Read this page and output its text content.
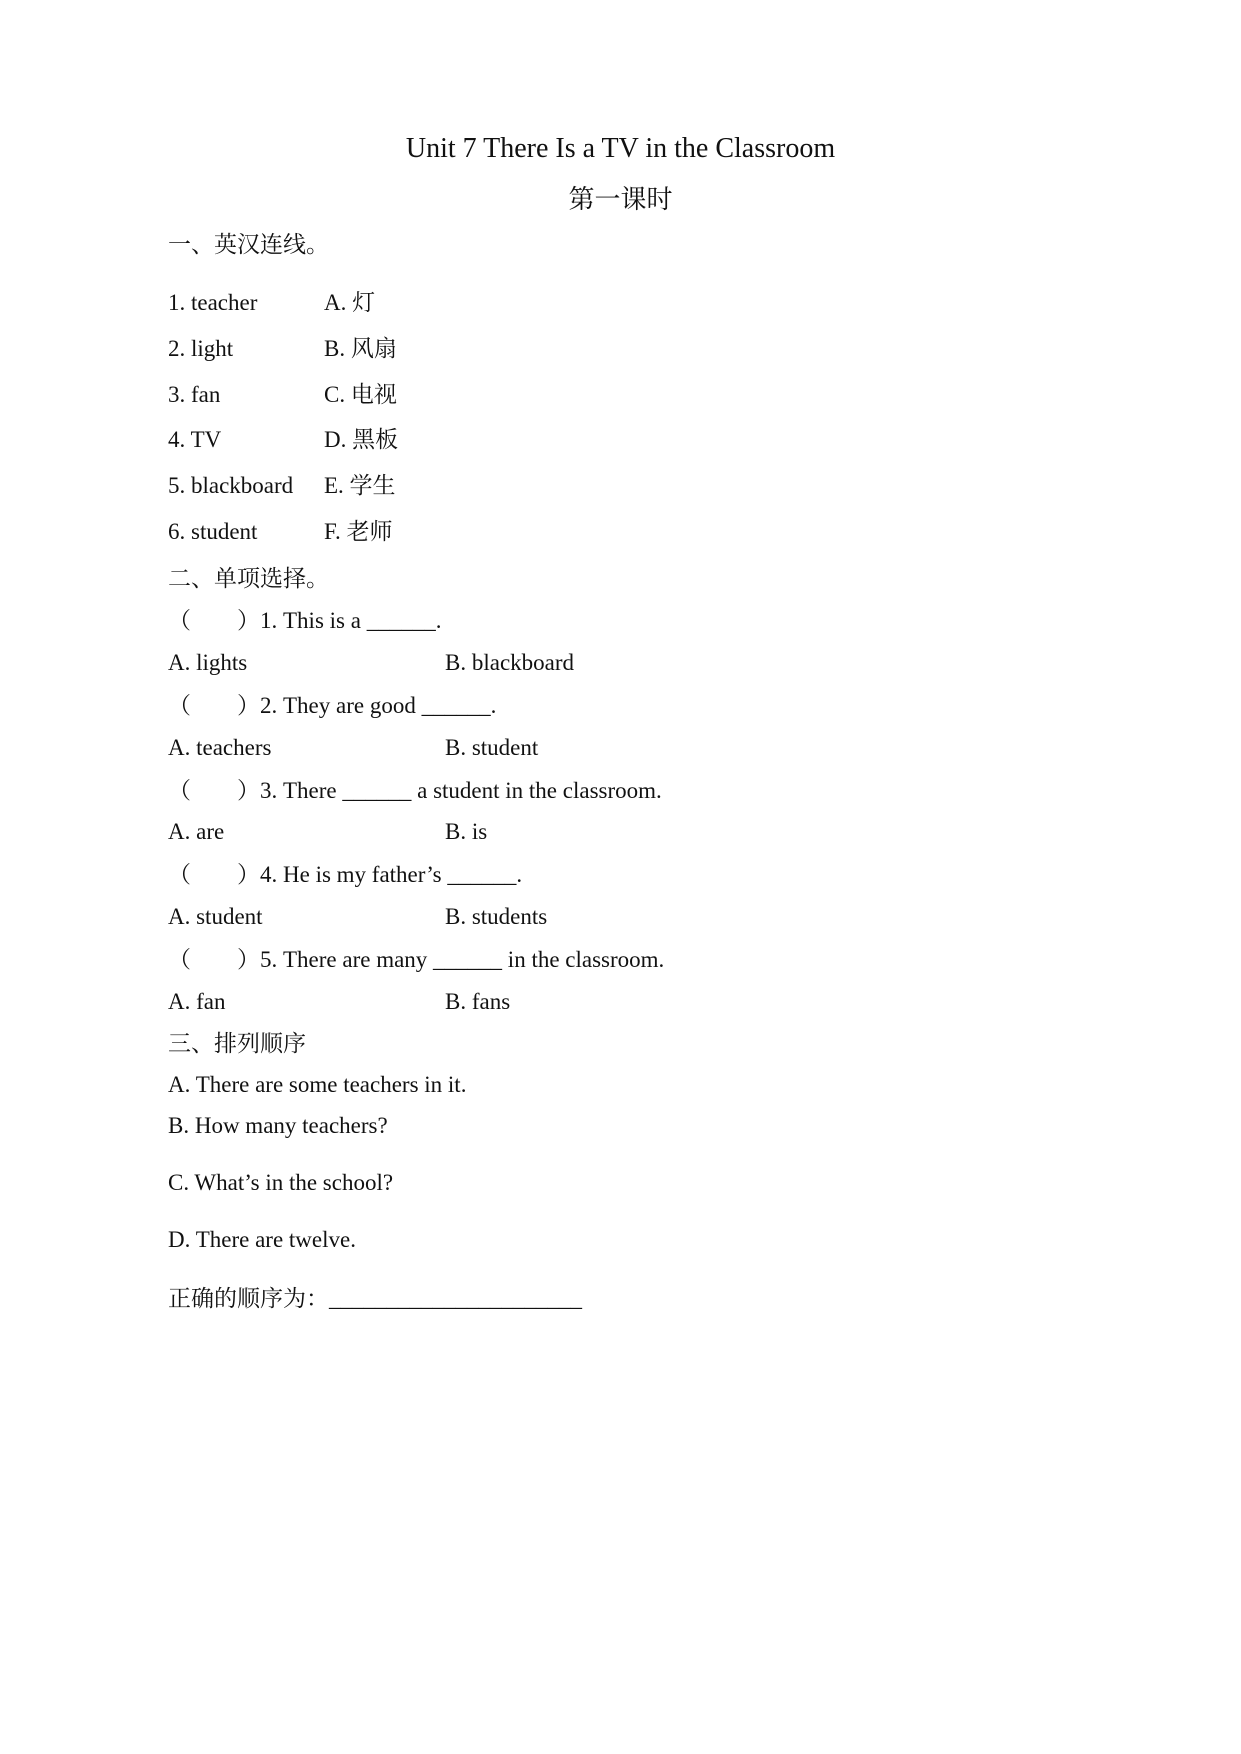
Unit 7 There Is a TV in the Classroom
第一课时
一、英汉连线。
1. teacher	A. 灯
2. light	B. 风扇
3. fan	C. 电视
4. TV	D. 黑板
5. blackboard E. 学生
6. student	F. 老师
二、单项选择。
（　　）1. This is a ______.
A. lights	B. blackboard
（　　）2. They are good ______.
A. teachers	B. student
（　　）3. There ______ a student in the classroom.
A. are	B. is
（　　）4. He is my father’s ______.
A. student	B. students
（　　）5. There are many ______ in the classroom.
A. fan	B. fans
三、排列顺序
A. There are some teachers in it.
B. How many teachers?
C. What’s in the school?
D. There are twelve.
正确的顺序为：______________________
